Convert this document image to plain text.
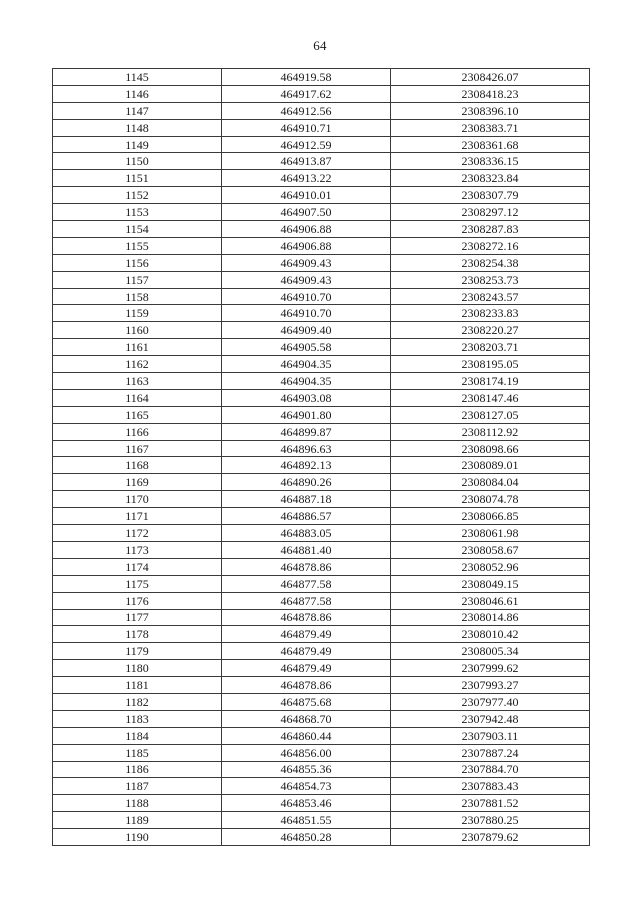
64
1145	464919.58	2308426.07
1146	464917.62	2308418.23
1147	464912.56	2308396.10
1148	464910.71	2308383.71
1149	464912.59	2308361.68
1150	464913.87	2308336.15
1151	464913.22	2308323.84
1152	464910.01	2308307.79
1153	464907.50	2308297.12
1154	464906.88	2308287.83
1155	464906.88	2308272.16
1156	464909.43	2308254.38
1157	464909.43	2308253.73
1158	464910.70	2308243.57
1159	464910.70	2308233.83
1160	464909.40	2308220.27
1161	464905.58	2308203.71
1162	464904.35	2308195.05
1163	464904.35	2308174.19
1164	464903.08	2308147.46
1165	464901.80	2308127.05
1166	464899.87	2308112.92
1167	464896.63	2308098.66
1168	464892.13	2308089.01
1169	464890.26	2308084.04
1170	464887.18	2308074.78
1171	464886.57	2308066.85
1172	464883.05	2308061.98
1173	464881.40	2308058.67
1174	464878.86	2308052.96
1175	464877.58	2308049.15
1176	464877.58	2308046.61
1177	464878.86	2308014.86
1178	464879.49	2308010.42
1179	464879.49	2308005.34
1180	464879.49	2307999.62
1181	464878.86	2307993.27
1182	464875.68	2307977.40
1183	464868.70	2307942.48
1184	464860.44	2307903.11
1185	464856.00	2307887.24
1186	464855.36	2307884.70
1187	464854.73	2307883.43
1188	464853.46	2307881.52
1189	464851.55	2307880.25
1190	464850.28	2307879.62
